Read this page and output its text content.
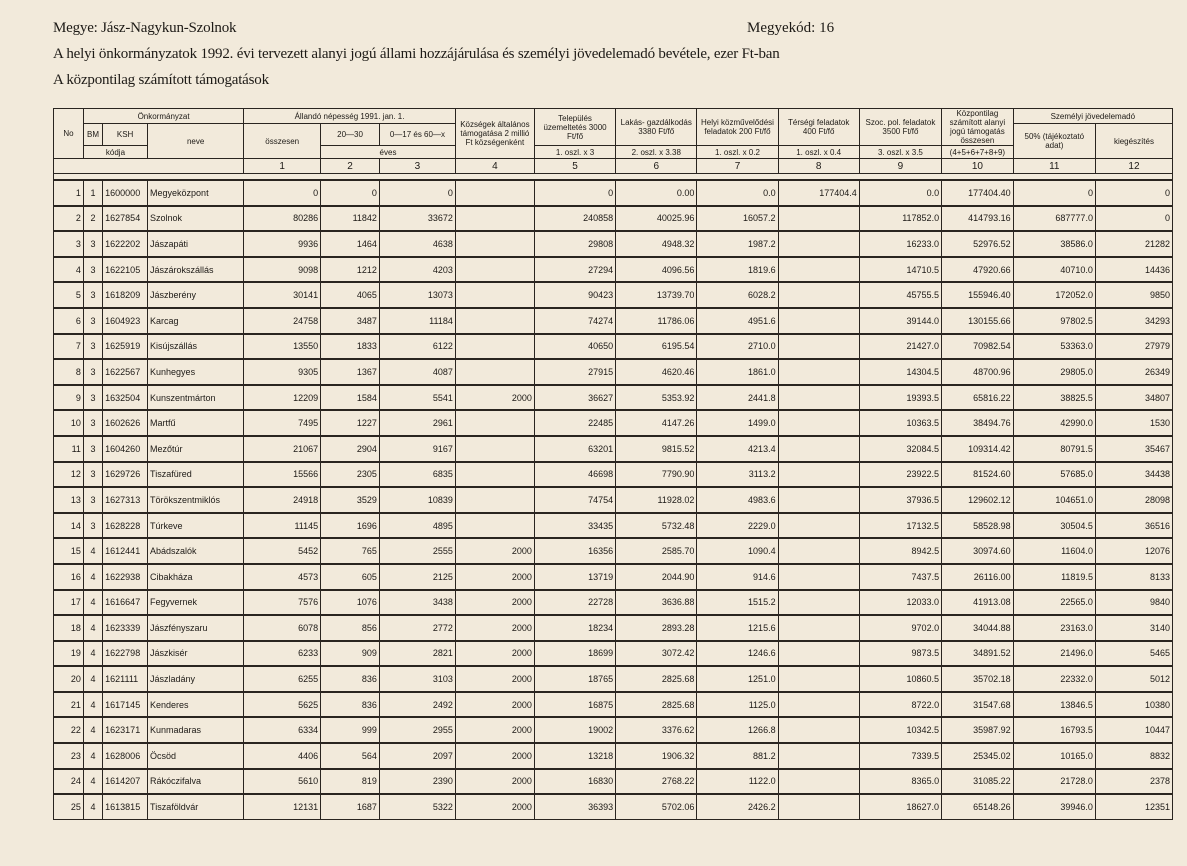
Megye: Jász-Nagykun-Szolnok	Megyekód: 16
A helyi önkormányzatok 1992. évi tervezett alanyi jogú állami hozzájárulása és személyi jövedelemadó bevétele, ezer Ft-ban
A központilag számított támogatások
No	Önkormányzat			Állandó népesség 1991. jan. 1.			Községek általános támogatása 2 millió Ft községenként	Település üzemeltetés 3000 Ft/fő	Lakás- gazdálkodás 3380 Ft/fő	Helyi közművelődési feladatok 200 Ft/fő	Térségi feladatok 400 Ft/fő	Szoc. pol. feladatok 3500 Ft/fő	Központilag számított alanyi jogú támogatás összesen	Személyi jövedelemadó	
	BM	KSH	neve	összesen	20—30	0—17 és 60—x								50% (tájékoztató adat)	kiegészítés
	kódja				éves			1. oszl. x 3	2. oszl. x 3.38	1. oszl. x 0.2	1. oszl. x 0.4	3. oszl. x 3.5	(4+5+6+7+8+9)		
				1	2	3	4	5	6	7	8	9	10	11	12

1	1	1600000	Megyeközpont	0	0	0		0	0.00	0.0	177404.4	0.0	177404.40	0	0
2	2	1627854	Szolnok	80286	11842	33672		240858	40025.96	16057.2		117852.0	414793.16	687777.0	0
3	3	1622202	Jászapáti	9936	1464	4638		29808	4948.32	1987.2		16233.0	52976.52	38586.0	21282
4	3	1622105	Jászárokszállás	9098	1212	4203		27294	4096.56	1819.6		14710.5	47920.66	40710.0	14436
5	3	1618209	Jászberény	30141	4065	13073		90423	13739.70	6028.2		45755.5	155946.40	172052.0	9850
6	3	1604923	Karcag	24758	3487	11184		74274	11786.06	4951.6		39144.0	130155.66	97802.5	34293
7	3	1625919	Kisújszállás	13550	1833	6122		40650	6195.54	2710.0		21427.0	70982.54	53363.0	27979
8	3	1622567	Kunhegyes	9305	1367	4087		27915	4620.46	1861.0		14304.5	48700.96	29805.0	26349
9	3	1632504	Kunszentmárton	12209	1584	5541	2000	36627	5353.92	2441.8		19393.5	65816.22	38825.5	34807
10	3	1602626	Martfű	7495	1227	2961		22485	4147.26	1499.0		10363.5	38494.76	42990.0	1530
11	3	1604260	Mezőtúr	21067	2904	9167		63201	9815.52	4213.4		32084.5	109314.42	80791.5	35467
12	3	1629726	Tiszafüred	15566	2305	6835		46698	7790.90	3113.2		23922.5	81524.60	57685.0	34438
13	3	1627313	Törökszentmiklós	24918	3529	10839		74754	11928.02	4983.6		37936.5	129602.12	104651.0	28098
14	3	1628228	Túrkeve	11145	1696	4895		33435	5732.48	2229.0		17132.5	58528.98	30504.5	36516
15	4	1612441	Abádszalók	5452	765	2555	2000	16356	2585.70	1090.4		8942.5	30974.60	11604.0	12076
16	4	1622938	Cibakháza	4573	605	2125	2000	13719	2044.90	914.6		7437.5	26116.00	11819.5	8133
17	4	1616647	Fegyvernek	7576	1076	3438	2000	22728	3636.88	1515.2		12033.0	41913.08	22565.0	9840
18	4	1623339	Jászfényszaru	6078	856	2772	2000	18234	2893.28	1215.6		9702.0	34044.88	23163.0	3140
19	4	1622798	Jászkisér	6233	909	2821	2000	18699	3072.42	1246.6		9873.5	34891.52	21496.0	5465
20	4	1621111	Jászladány	6255	836	3103	2000	18765	2825.68	1251.0		10860.5	35702.18	22332.0	5012
21	4	1617145	Kenderes	5625	836	2492	2000	16875	2825.68	1125.0		8722.0	31547.68	13846.5	10380
22	4	1623171	Kunmadaras	6334	999	2955	2000	19002	3376.62	1266.8		10342.5	35987.92	16793.5	10447
23	4	1628006	Öcsöd	4406	564	2097	2000	13218	1906.32	881.2		7339.5	25345.02	10165.0	8832
24	4	1614207	Rákóczifalva	5610	819	2390	2000	16830	2768.22	1122.0		8365.0	31085.22	21728.0	2378
25	4	1613815	Tiszaföldvár	12131	1687	5322	2000	36393	5702.06	2426.2		18627.0	65148.26	39946.0	12351
